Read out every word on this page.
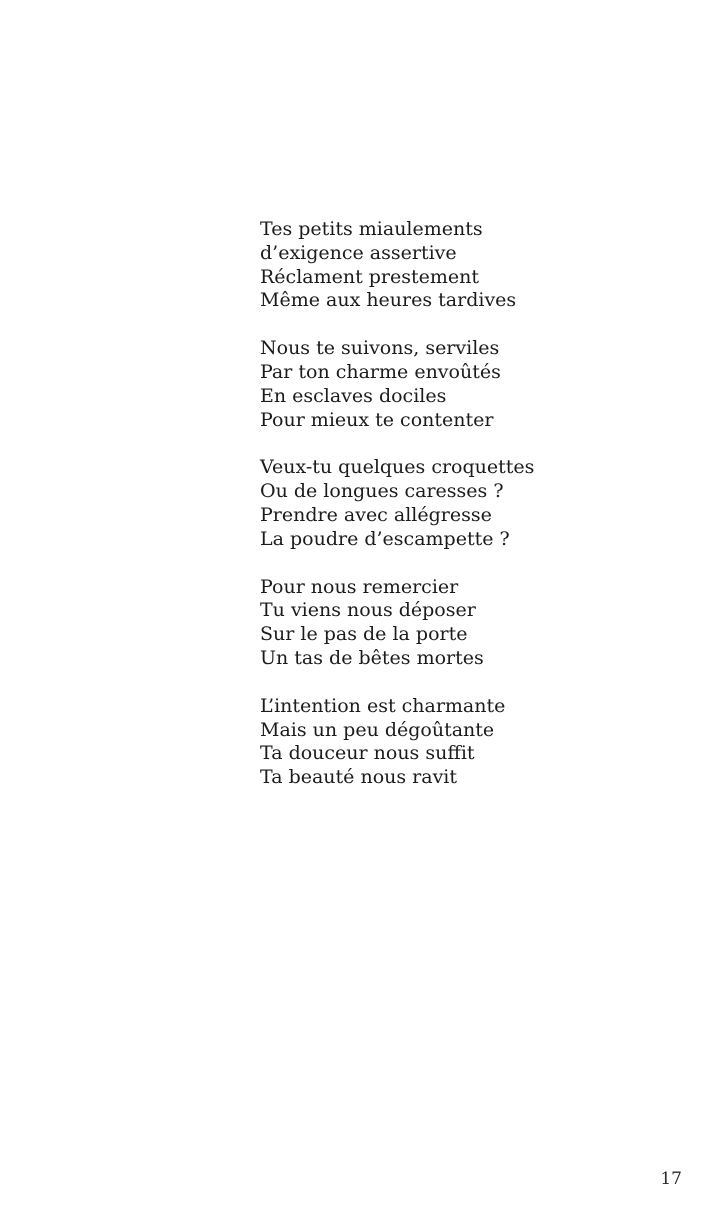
Tes petits miaulements
d’exigence assertive
Réclament prestement
Même aux heures tardives
Nous te suivons, serviles
Par ton charme envoûtés
En esclaves dociles
Pour mieux te contenter
Veux-tu quelques croquettes
Ou de longues caresses ?
Prendre avec allégresse
La poudre d’escampette ?
Pour nous remercier
Tu viens nous déposer
Sur le pas de la porte
Un tas de bêtes mortes
L’intention est charmante
Mais un peu dégoûtante
Ta douceur nous suffit
Ta beauté nous ravit
17
